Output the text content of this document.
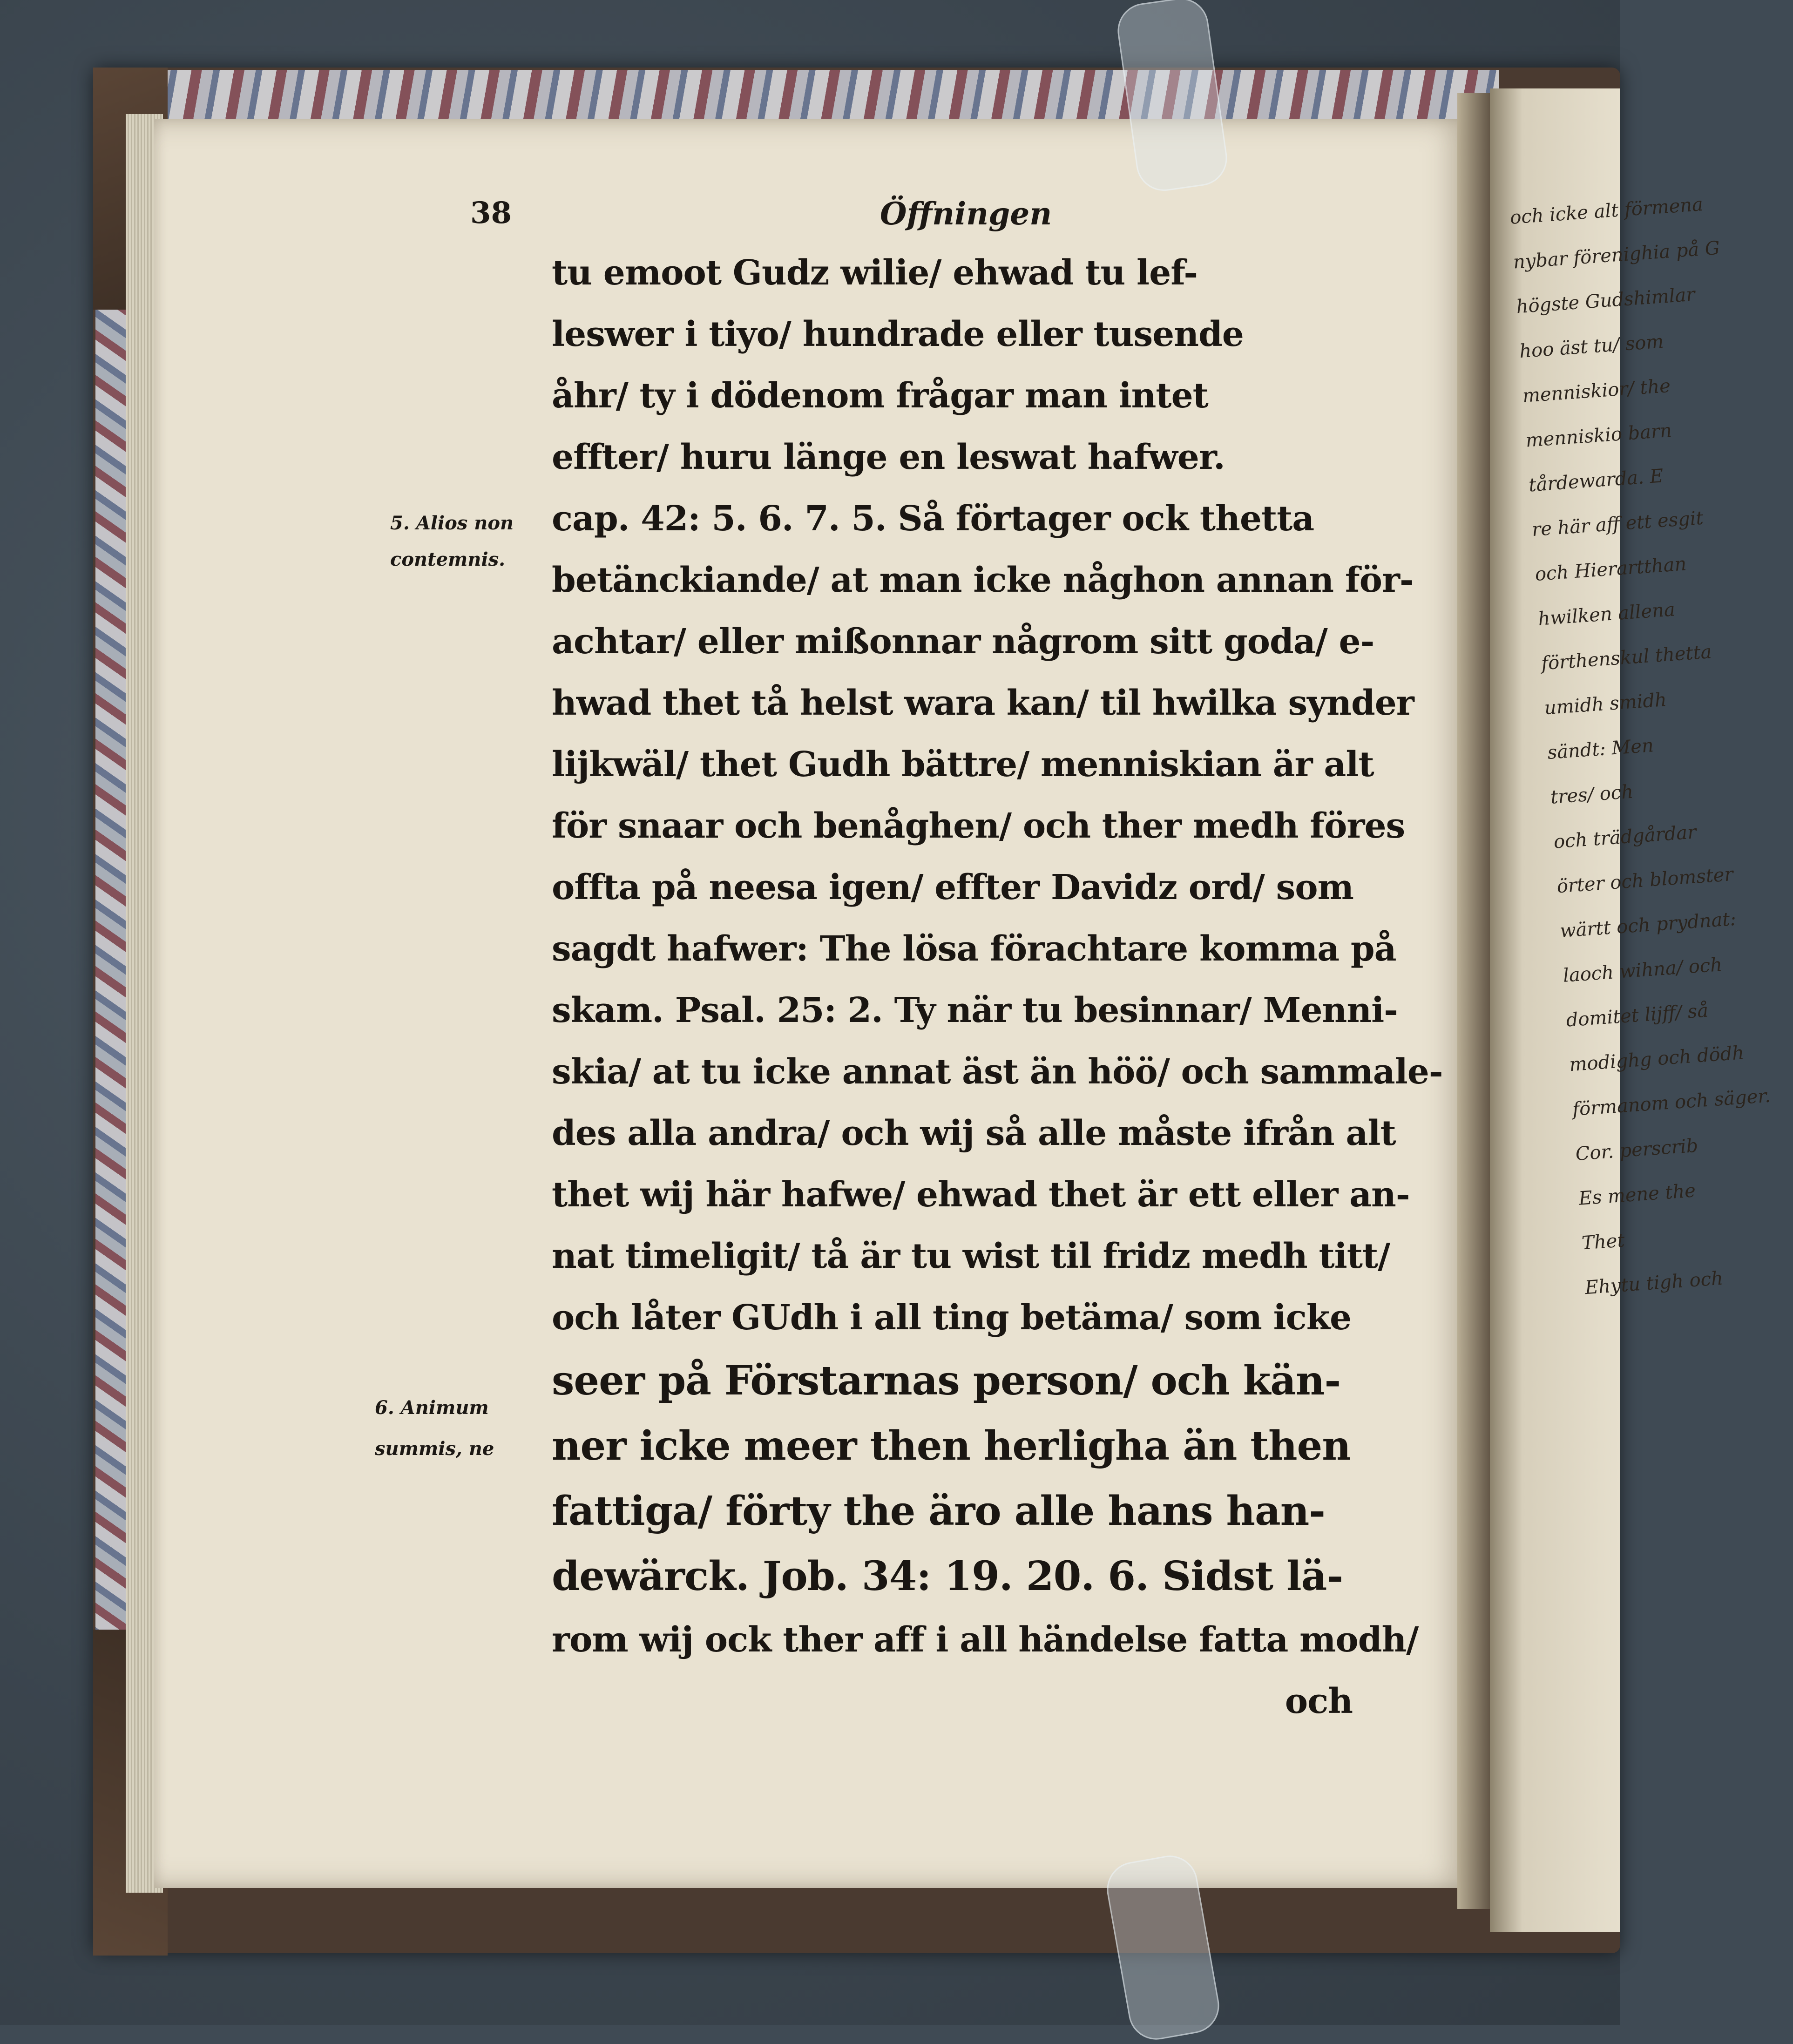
och icke alt förmena
nybar förenighia på G
högste Gudshimlar
hoo äst tu/ som
menniskior/ the
menniskio barn
tårdewarda. E
re här aff ett esgit
och Hierartthan
hwilken allena
förthenskul thetta
umidh smidh
sändt: Men
tres/ och
och trädgårdar
örter och blomster
wärtt och prydnat:
laoch wihna/ och
domitet lijff/ så
modighg och dödh
förmanom och säger.
Cor. perscrib
Es mene the
Thet
Ehytu tigh och
38	Öffningen
5. Alios non
contemnis.
6. Animum
summis, ne
tu emoot Gudz wilie/ ehwad tu lef-
leswer i tiyo/ hundrade eller tusende
åhr/ ty i dödenom frågar man intet
effter/ huru länge en leswat hafwer.
cap. 42: 5. 6. 7. 5. Så förtager ock thetta
betänckiande/ at man icke någhon annan för-
achtar/ eller mißonnar någrom sitt goda/ e-
hwad thet tå helst wara kan/ til hwilka synder
lijkwäl/ thet Gudh bättre/ menniskian är alt
för snaar och benåghen/ och ther medh föres
offta på neesa igen/ effter Davidz ord/ som
sagdt hafwer: The lösa förachtare komma på
skam. Psal. 25: 2. Ty när tu besinnar/ Menni-
skia/ at tu icke annat äst än höö/ och sammale-
des alla andra/ och wij så alle måste ifrån alt
thet wij här hafwe/ ehwad thet är ett eller an-
nat timeligit/ tå är tu wist til fridz medh titt/
och låter GUdh i all ting betäma/ som icke
seer på Förstarnas person/ och kän-
ner icke meer then herligha än then
fattiga/ förty the äro alle hans han-
dewärck. Job. 34: 19. 20. 6. Sidst lä-
rom wij ock ther aff i all händelse fatta modh/
och
